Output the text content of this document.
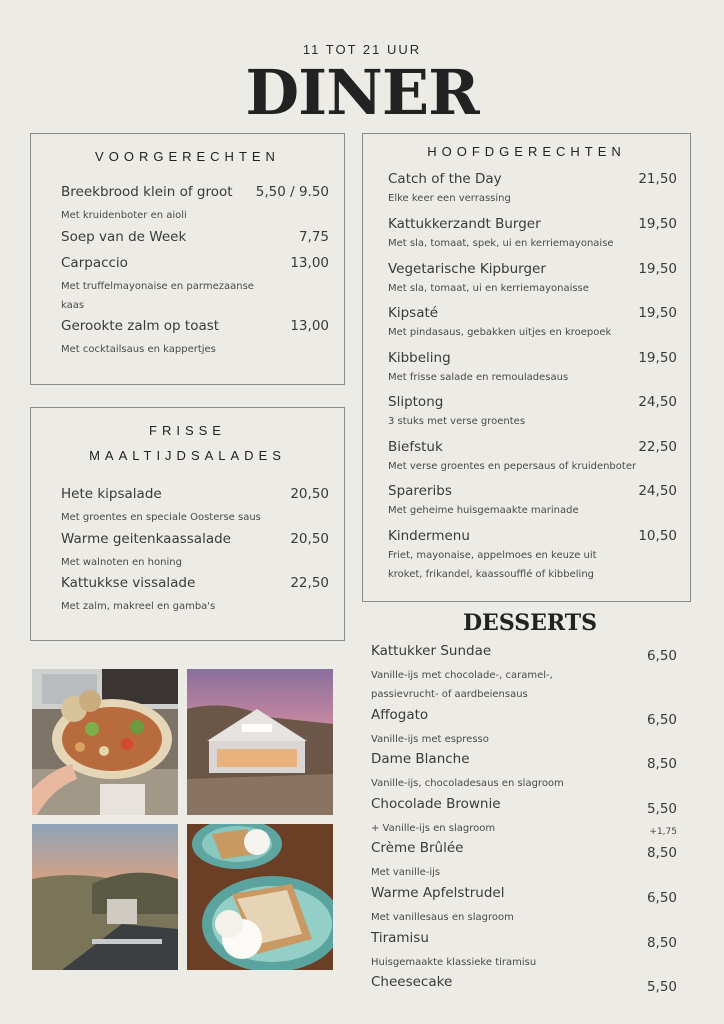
11 TOT 21 UUR
DINER
VOORGERECHTEN
Breekbrood klein of groot 5,50 / 9.50
Met kruidenboter en aioli
Soep van de Week	7,75
Carpaccio	13,00
Met truffelmayonaise en parmezaanse kaas
Gerookte zalm op toast	13,00
Met cocktailsaus en kappertjes
FRISSE
MAALTIJDSALADES
Hete kipsalade	20,50
Met groentes en speciale Oosterse saus
Warme geitenkaassalade	20,50
Met walnoten en honing
Kattukkse vissalade	22,50
Met zalm, makreel en gamba's
HOOFDGERECHTEN
Catch of the Day	21,50
Elke keer een verrassing
Kattukkerzandt Burger	19,50
Met sla, tomaat, spek, ui en kerriemayonaise
Vegetarische Kipburger	19,50
Met sla, tomaat, ui en kerriemayonaisse
Kipsaté	19,50
Met pindasaus, gebakken uitjes en kroepoek
Kibbeling	19,50
Met frisse salade en remouladesaus
Sliptong	24,50
3 stuks met verse groentes
Biefstuk	22,50
Met verse groentes en pepersaus of kruidenboter
Spareribs	24,50
Met geheime huisgemaakte marinade
Kindermenu	10,50
Friet, mayonaise, appelmoes en keuze uit kroket, frikandel, kaassoufflé of kibbeling
DESSERTS
Kattukker Sundae	6,50
Vanille-ijs met chocolade-, caramel-, passievrucht- of aardbeiensaus
Affogato	6,50
Vanille-ijs met espresso
Dame Blanche	8,50
Vanille-ijs, chocoladesaus en slagroom
Chocolade Brownie	5,50
+ Vanille-ijs en slagroom	+1,75
Crème Brûlée	8,50
Met vanille-ijs
Warme Apfelstrudel	6,50
Met vanillesaus en slagroom
Tiramisu	8,50
Huisgemaakte klassieke tiramisu
Cheesecake	5,50
